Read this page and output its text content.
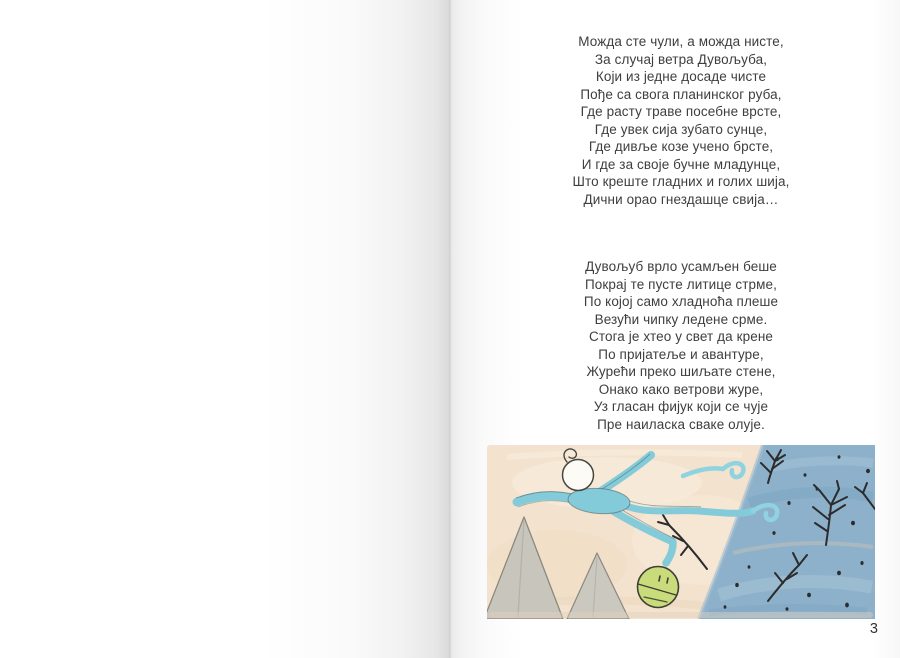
Можда сте чули, а можда нисте,
За случај ветра Дувољуба,
Који из једне досаде чисте
Пође са свога планинског руба,
Где расту траве посебне врсте,
Где увек сија зубато сунце,
Где дивље козе учено брсте,
И где за своје бучне младунце,
Што креште гладних и голих шија,
Дични орао гнездашце свија…
Дувољуб врло усамљен беше
Покрај те пусте литице стрме,
По којој само хладноћа плеше
Везући чипку ледене срме.
Стога је хтео у свет да крене
По пријатеље и авантуре,
Журећи преко шиљате стене,
Онако како ветрови журе,
Уз гласан фијук који се чује
Пре наиласка сваке олује.
3
